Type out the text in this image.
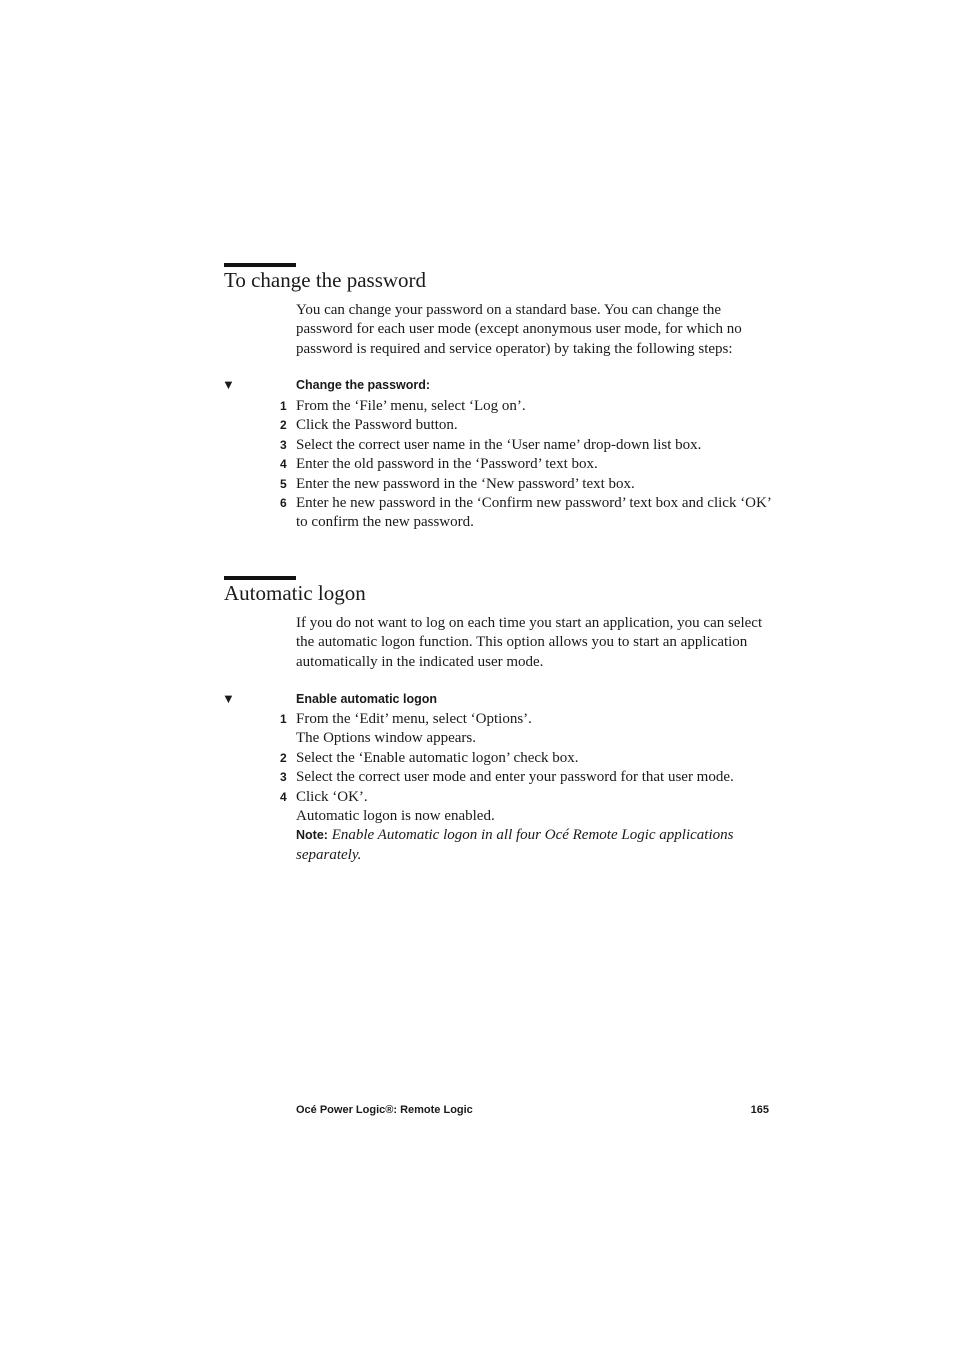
To change the password

You can change your password on a standard base. You can change the password for each user mode (except anonymous user mode, for which no password is required and service operator) by taking the following steps:

▼	Change the password:
1 From the ‘File’ menu, select ‘Log on’.
2 Click the Password button.
3 Select the correct user name in the ‘User name’ drop-down list box.
4 Enter the old password in the ‘Password’ text box.
5 Enter the new password in the ‘New password’ text box.
6 Enter he new password in the ‘Confirm new password’ text box and click ‘OK’ to confirm the new password.
Automatic logon

If you do not want to log on each time you start an application, you can select the automatic logon function. This option allows you to start an application automatically in the indicated user mode.

▼	Enable automatic logon
1 From the ‘Edit’ menu, select ‘Options’.
The Options window appears.
2 Select the ‘Enable automatic logon’ check box.
3 Select the correct user mode and enter your password for that user mode.
4 Click ‘OK’.
Automatic logon is now enabled.
Note: Enable Automatic logon in all four Océ Remote Logic applications separately.
Océ Power Logic®: Remote Logic	165
